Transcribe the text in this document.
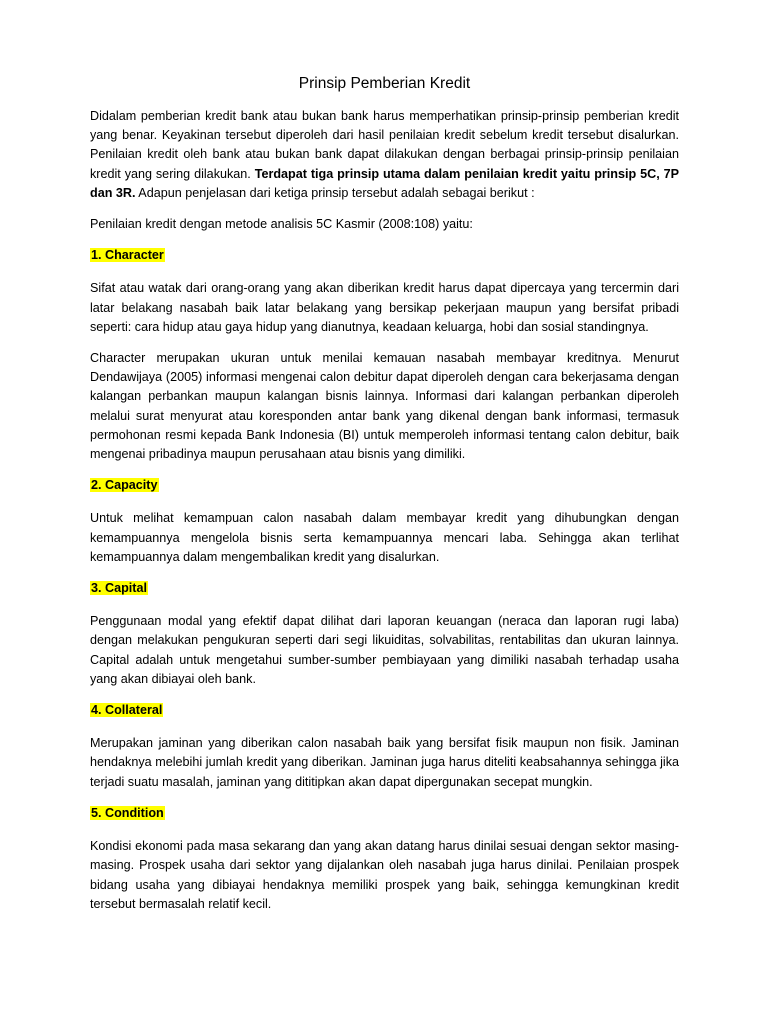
Prinsip Pemberian Kredit

Didalam pemberian kredit bank atau bukan bank harus memperhatikan prinsip-prinsip pemberian kredit yang benar. Keyakinan tersebut diperoleh dari hasil penilaian kredit sebelum kredit tersebut disalurkan. Penilaian kredit oleh bank atau bukan bank dapat dilakukan dengan berbagai prinsip-prinsip penilaian kredit yang sering dilakukan. Terdapat tiga prinsip utama dalam penilaian kredit yaitu prinsip 5C, 7P dan 3R. Adapun penjelasan dari ketiga prinsip tersebut adalah sebagai berikut :

Penilaian kredit dengan metode analisis 5C Kasmir (2008:108) yaitu:

1. Character

Sifat atau watak dari orang-orang yang akan diberikan kredit harus dapat dipercaya yang tercermin dari latar belakang nasabah baik latar belakang yang bersikap pekerjaan maupun yang bersifat pribadi seperti: cara hidup atau gaya hidup yang dianutnya, keadaan keluarga, hobi dan sosial standingnya.

Character merupakan ukuran untuk menilai kemauan nasabah membayar kreditnya. Menurut Dendawijaya (2005) informasi mengenai calon debitur dapat diperoleh dengan cara bekerjasama dengan kalangan perbankan maupun kalangan bisnis lainnya. Informasi dari kalangan perbankan diperoleh melalui surat menyurat atau koresponden antar bank yang dikenal dengan bank informasi, termasuk permohonan resmi kepada Bank Indonesia (BI) untuk memperoleh informasi tentang calon debitur, baik mengenai pribadinya maupun perusahaan atau bisnis yang dimiliki.

2. Capacity

Untuk melihat kemampuan calon nasabah dalam membayar kredit yang dihubungkan dengan kemampuannya mengelola bisnis serta kemampuannya mencari laba. Sehingga akan terlihat kemampuannya dalam mengembalikan kredit yang disalurkan.

3. Capital

Penggunaan modal yang efektif dapat dilihat dari laporan keuangan (neraca dan laporan rugi laba) dengan melakukan pengukuran seperti dari segi likuiditas, solvabilitas, rentabilitas dan ukuran lainnya. Capital adalah untuk mengetahui sumber-sumber pembiayaan yang dimiliki nasabah terhadap usaha yang akan dibiayai oleh bank.

4. Collateral

Merupakan jaminan yang diberikan calon nasabah baik yang bersifat fisik maupun non fisik. Jaminan hendaknya melebihi jumlah kredit yang diberikan. Jaminan juga harus diteliti keabsahannya sehingga jika terjadi suatu masalah, jaminan yang dititipkan akan dapat dipergunakan secepat mungkin.

5. Condition

Kondisi ekonomi pada masa sekarang dan yang akan datang harus dinilai sesuai dengan sektor masing-masing. Prospek usaha dari sektor yang dijalankan oleh nasabah juga harus dinilai. Penilaian prospek bidang usaha yang dibiayai hendaknya memiliki prospek yang baik, sehingga kemungkinan kredit tersebut bermasalah relatif kecil.
